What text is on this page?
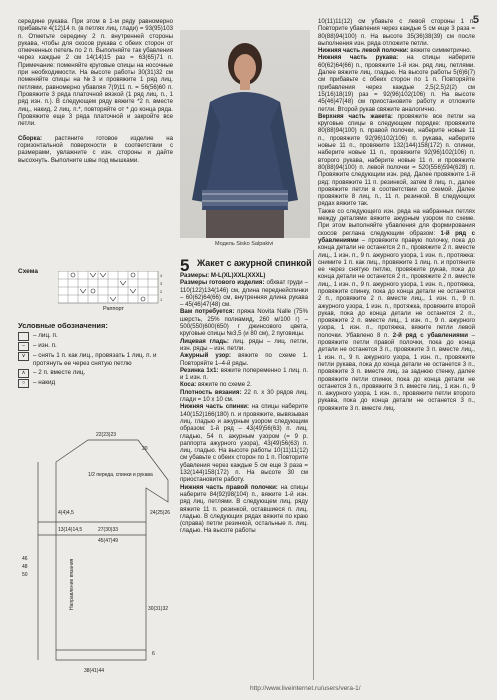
5
середине рукава. При этом в 1-м ряду равномерно прибавьте 4(12)14 п. (в петлях лиц. глади) = 93(95)103 п. Отметьте середину 2 п. внутренней стороны рукава, чтобы для скосов рукава с обеих сторон от отмеченных петель по 2 п. Выполняйте так убавления через каждые 2 см 14(14)15 раз = 63(65)71 п. Примечание: поменяйте круговые спицы на носочные при необходимости. На высоте работы 30(31)32 см поменяйте спицы на №3 и провяжите 1 ряд лиц. петлями, равномерно убавляя 7(9)11 п. = 56(56)60 п. Провяжите 3 ряда платочной вязкой (1 ряд лиц. п., 1 ряд изн. п.). В следующем ряду вяжите *2 п. вместе лиц., накид, 2 лиц. п.*, повторяйте от * до конца ряда. Провяжите еще 3 ряда платочной и закройте все петли.

Сборка: растяните готовое изделие на горизонтальной поверхности в соответствии с размерами, увлажните с изн. стороны и дайте высохнуть. Выполните швы под мышками.
Схема
4
3
2
1
Раппорт
Условные обозначения:
– лиц. п.
–	– изн. п.
∨	– снять 1 п. как лиц., провязать 1 лиц. п. и протянуть ее через снятую петлю
∧	– 2 п. вместе лиц.
○	– накид
22(23)23
20
24(25)26
1/2 переда, спинки и рукава
4(4)4,5
13(14)14,5	27(30)33
45(47)49
Направление вязания
46
48
50
38(41)44
6
30(31)32
Модель Sisko Salpakivi
5 Жакет с ажурной спинкой
Размеры: M-L(XL)XXL(XXXL)
Размеры готового изделия: обхват груди – 110(122)134(146) см, длина переднейспинки – 60(62)64(66) см, внутренняя длина рукава – 45(46)47(48) см.
Вам потребуется: пряжа Novita Nalle (75% шерсть, 25% полиамид, 260 м/100 г) – 500(550)600(650) г джинсового цвета, круговые спицы №3,5 (и 80 см), 2 пуговицы.
Лицевая гладь: лиц. ряды – лиц. петли, изн. ряды – изн. петли.
Ажурный узор: вяжите по схеме 1. Повторяйте 1–4-й ряды.
Резинка 1х1: вяжите попеременно 1 лиц. п. и 1 изн. п.
Коса: вяжите по схеме 2.
Плотность вязания: 22 п. х 30 рядов лиц. глади = 10 х 10 см.
Нижняя часть спинки: на спицы наберите 140(152)166(180) п. и провяжите, вывязывая лиц. гладью и ажурным узором следующим образом: 1-й ряд – 43(49)56(63) п. лиц. гладью, 54 п. ажурным узором (= 9 р. раппорта ажурного узора), 43(49)56(63) п. лиц. гладью. На высоте работы 10(11)11(12) см убавьте с обеих сторон по 1 п. Повторите убавления через каждые 5 см еще 3 раза = 132(144)158(172) п. На высоте 30 см приостановите работу.
Нижняя часть правой полочки: на спицы наберите 84(92)98(104) п., вяжите 1-й изн. ряд лиц. петлями. В следующем лиц. ряду вяжите 11 п. резинкой, оставшиеся п. лиц. гладью. В следующих рядах вяжите по краю (справа) петли резинкой, остальные п. лиц. гладью. На высоте работы
10(11)11(12) см убавьте с левой стороны 1 п. Повторите убавления через каждые 5 см еще 3 раза = 80(88)94(100) п. На высоте 35(36)38(39) см после выполнения изн. ряда отложите петли.
Нижняя часть левой полочки: вяжите симметрично.
Нижняя часть рукава: на спицы наберите 60(62)64(66) п., провяжите 1-й изн. ряд лиц. петлями. Далее вяжите лиц. гладью. На высоте работы 5(6)6(7) см прибавьте с обеих сторон по 1 п. Повторяйте прибавления через каждые 2,5(2,5)2(2) см 15(16)18(19) раз = 92(96)102(106) п. На высоте 45(46)47(48) см приостановите работу и отложите петли. Второй рукав свяжите аналогично.
Верхняя часть жакета: провяжите все петли на круговые спицы в следующем порядке: провяжите 80(88)94(100) п. правой полочки, наберите новые 11 п., провяжите 92(96)102(106) п. рукава, наберите новые 11 п., провяжите 132(144)158(172) п. спинки, наберите новые 11 п., провяжите 92(96)102(106) п. второго рукава, наберите новые 11 п. и провяжите 80(88)94(100) п. левой полочки = 520(556)594(628) п. Провяжите следующим изн. ряд. Далее провяжите 1-й ряд: провяжите 11 п. резинкой, затем 8 лиц. п., далее провяжите петли в соответствии со схемой. Далее провяжите 8 лиц. п., 11 п. резинкой. В следующих рядах вяжите так.
Также со следующего изн. ряда на набранных петлях между деталями вяжите ажурным узором по схеме. При этом выполняйте убавления для формирования скосов реглана следующим образом: 1-й ряд с убавлениями – провяжите правую полочку, пока до конца детали не останется 2 п., провяжите 2 п. вместе лиц., 1 изн. п., 9 п. ажурного узора, 1 изн. п., протяжка: снимите 1 п. как лиц., провяжите 1 лиц. п. и протяните ее через снятую петлю, провяжите рукав, пока до конца детали не останется 2 п., провяжите 2 п. вместе лиц., 1 изн. п., 9 п. ажурного узора, 1 изн. п., протяжка, провяжите спинку, пока до конца детали не останется 2 п., провяжите 2 п. вместе лиц., 1 изн. п., 9 п. ажурного узора, 1 изн. п., протяжка, провяжите второй рукав, пока до конца детали не останется 2 п., провяжите 2 п. вместе лиц., 1 изн. п., 9 п. ажурного узора, 1 изн. п., протяжка, вяжите петли левой полочки. Убавлено 8 п. 2-й ряд с убавлениями – провяжите петли правой полочки, пока до конца детали не останется 3 п., провяжите 3 п. вместе лиц., 1 изн. п., 9 п. ажурного узора, 1 изн. п., провяжите петли рукава, пока до конца детали не останется 3 п., провяжите 3 п. вместе лиц. за заднюю стенку, далее провяжите петли спинки, пока до конца детали не останется 3 п., провяжите 3 п. вместе лиц., 1 изн. п., 9 п. ажурного узора, 1 изн. п., провяжите петли второго рукава, пока до конца детали не останется 3 п., провяжите 3 п. вместе лиц.
http://www.liveinternet.ru/users/vera-1/
